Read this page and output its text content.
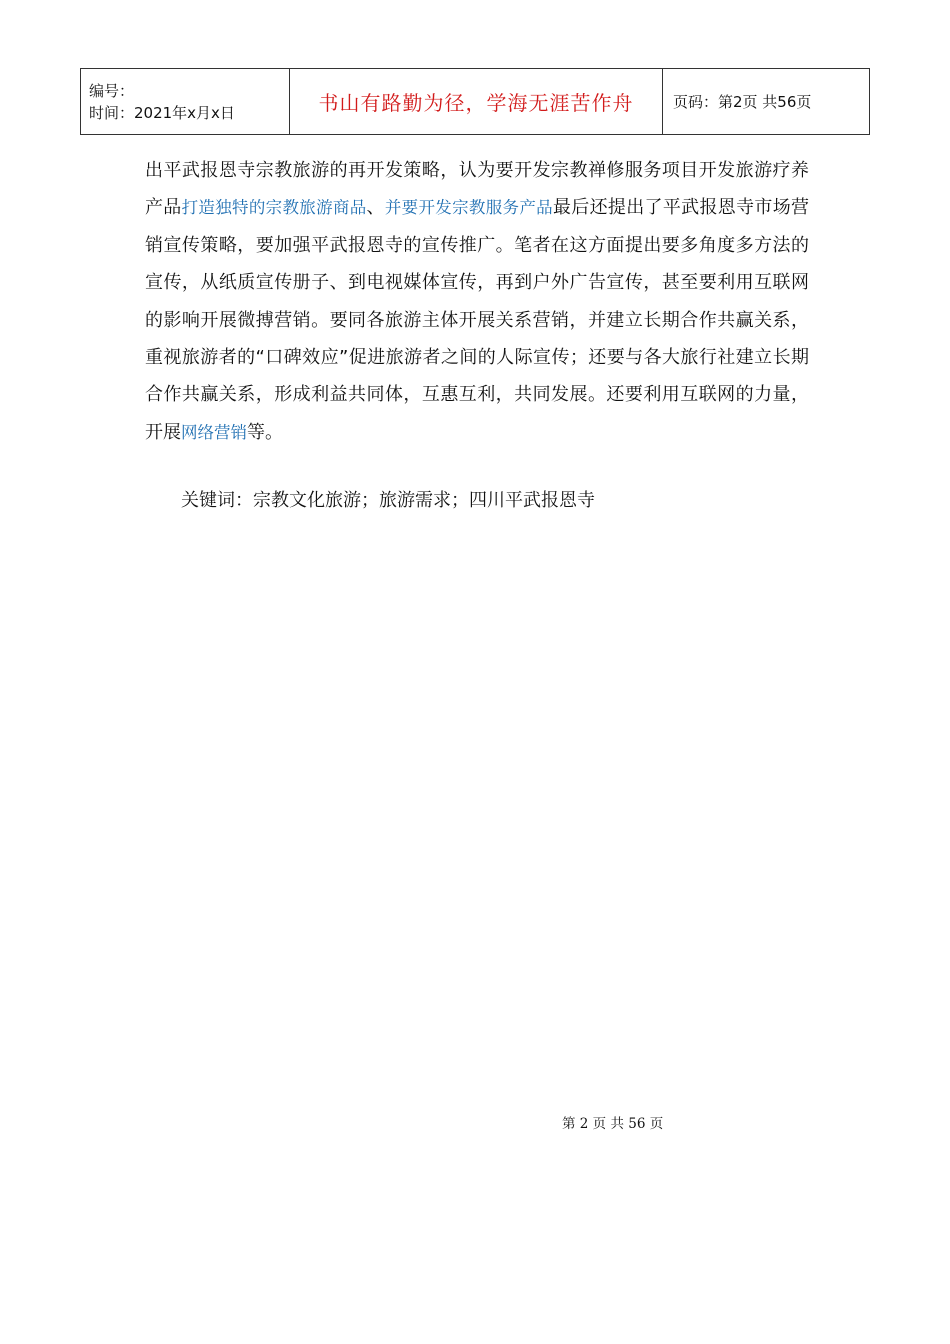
编号：
时间：2021年x月x日	书山有路勤为径，学海无涯苦作舟	页码：第2页 共56页
出平武报恩寺宗教旅游的再开发策略，认为要开发宗教禅修服务项目开发旅游疗养产品打造独特的宗教旅游商品、并要开发宗教服务产品最后还提出了平武报恩寺市场营销宣传策略，要加强平武报恩寺的宣传推广。笔者在这方面提出要多角度多方法的宣传，从纸质宣传册子、到电视媒体宣传，再到户外广告宣传，甚至要利用互联网的影响开展微搏营销。要同各旅游主体开展关系营销，并建立长期合作共赢关系，重视旅游者的“口碑效应”促进旅游者之间的人际宣传；还要与各大旅行社建立长期合作共赢关系，形成利益共同体，互惠互利，共同发展。还要利用互联网的力量，开展网络营销等。
关键词：宗教文化旅游；旅游需求；四川平武报恩寺
第 2 页 共 56 页
